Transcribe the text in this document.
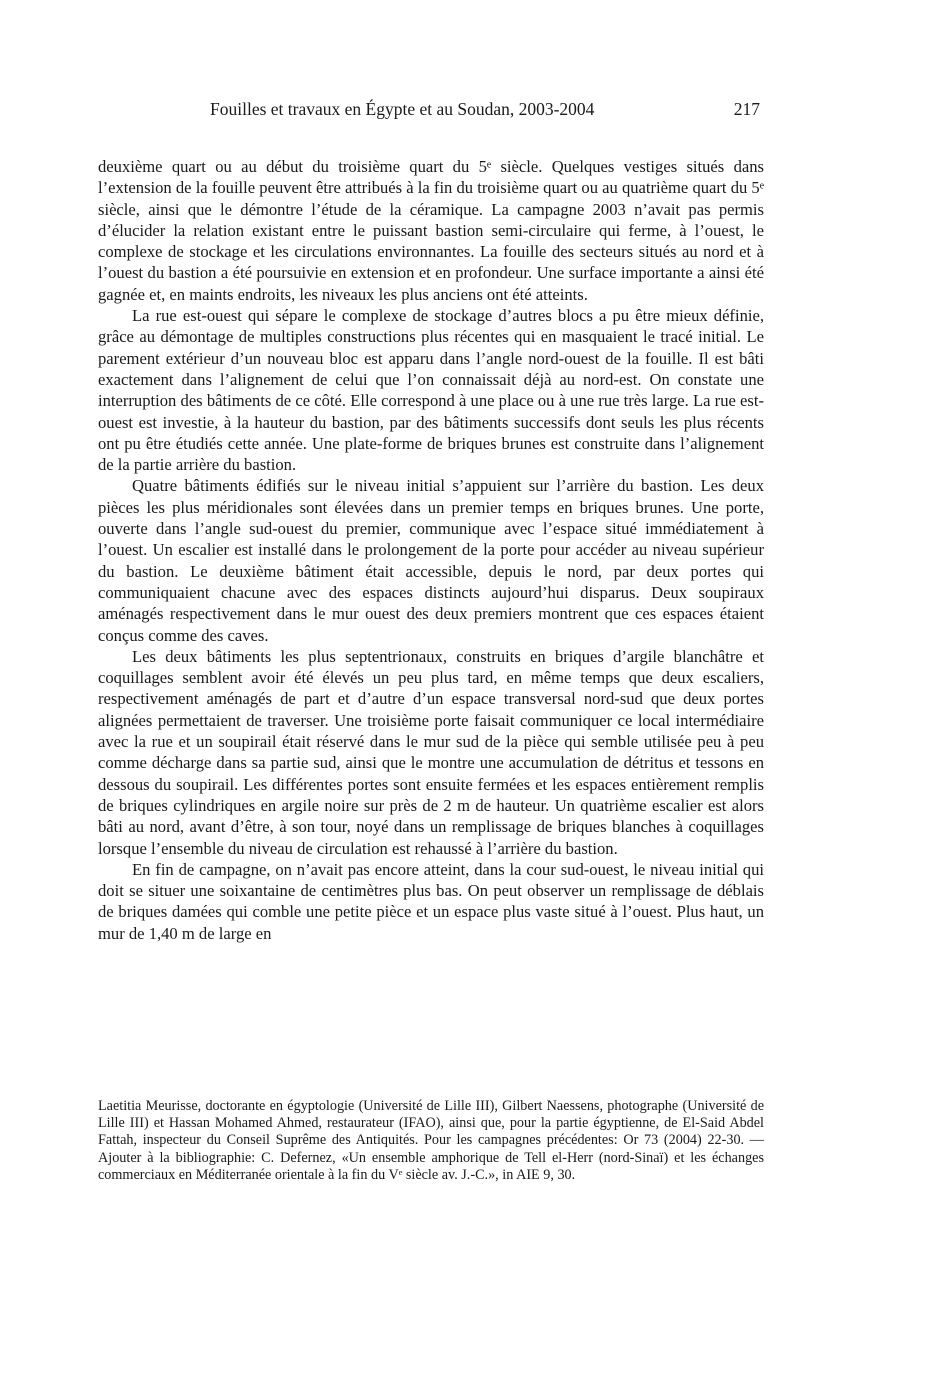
Fouilles et travaux en Égypte et au Soudan, 2003-2004	217

deuxième quart ou au début du troisième quart du 5ᵉ siècle. Quelques vestiges situés dans l’extension de la fouille peuvent être attribués à la fin du troisième quart ou au quatrième quart du 5ᵉ siècle, ainsi que le démontre l’étude de la céramique. La campagne 2003 n’avait pas permis d’élucider la relation existant entre le puissant bastion semi-circulaire qui ferme, à l’ouest, le complexe de stockage et les circulations environnantes. La fouille des secteurs situés au nord et à l’ouest du bastion a été poursuivie en extension et en profondeur. Une surface importante a ainsi été gagnée et, en maints endroits, les niveaux les plus anciens ont été atteints.

La rue est-ouest qui sépare le complexe de stockage d’autres blocs a pu être mieux définie, grâce au démontage de multiples constructions plus récentes qui en masquaient le tracé initial. Le parement extérieur d’un nouveau bloc est apparu dans l’angle nord-ouest de la fouille. Il est bâti exactement dans l’alignement de celui que l’on connaissait déjà au nord-est. On constate une interruption des bâtiments de ce côté. Elle correspond à une place ou à une rue très large. La rue est-ouest est investie, à la hauteur du bastion, par des bâtiments successifs dont seuls les plus récents ont pu être étudiés cette année. Une plate-forme de briques brunes est construite dans l’alignement de la partie arrière du bastion.

Quatre bâtiments édifiés sur le niveau initial s’appuient sur l’arrière du bastion. Les deux pièces les plus méridionales sont élevées dans un premier temps en briques brunes. Une porte, ouverte dans l’angle sud-ouest du premier, communique avec l’espace situé immédiatement à l’ouest. Un escalier est installé dans le prolongement de la porte pour accéder au niveau supérieur du bastion. Le deuxième bâtiment était accessible, depuis le nord, par deux portes qui communiquaient chacune avec des espaces distincts aujourd’hui disparus. Deux soupiraux aménagés respectivement dans le mur ouest des deux premiers montrent que ces espaces étaient conçus comme des caves.

Les deux bâtiments les plus septentrionaux, construits en briques d’argile blanchâtre et coquillages semblent avoir été élevés un peu plus tard, en même temps que deux escaliers, respectivement aménagés de part et d’autre d’un espace transversal nord-sud que deux portes alignées permettaient de traverser. Une troisième porte faisait communiquer ce local intermédiaire avec la rue et un soupirail était réservé dans le mur sud de la pièce qui semble utilisée peu à peu comme décharge dans sa partie sud, ainsi que le montre une accumulation de détritus et tessons en dessous du soupirail. Les différentes portes sont ensuite fermées et les espaces entièrement remplis de briques cylindriques en argile noire sur près de 2 m de hauteur. Un quatrième escalier est alors bâti au nord, avant d’être, à son tour, noyé dans un remplissage de briques blanches à coquillages lorsque l’ensemble du niveau de circulation est rehaussé à l’arrière du bastion.

En fin de campagne, on n’avait pas encore atteint, dans la cour sud-ouest, le niveau initial qui doit se situer une soixantaine de centimètres plus bas. On peut observer un remplissage de déblais de briques damées qui comble une petite pièce et un espace plus vaste situé à l’ouest. Plus haut, un mur de 1,40 m de large en

Laetitia Meurisse, doctorante en égyptologie (Université de Lille III), Gilbert Naessens, photographe (Université de Lille III) et Hassan Mohamed Ahmed, restaurateur (IFAO), ainsi que, pour la partie égyptienne, de El-Said Abdel Fattah, inspecteur du Conseil Suprême des Antiquités. Pour les campagnes précédentes: Or 73 (2004) 22-30. — Ajouter à la bibliographie: C. Defernez, «Un ensemble amphorique de Tell el-Herr (nord-Sinaï) et les échanges commerciaux en Méditerranée orientale à la fin du Vᵉ siècle av. J.-C.», in AIE 9, 30.
